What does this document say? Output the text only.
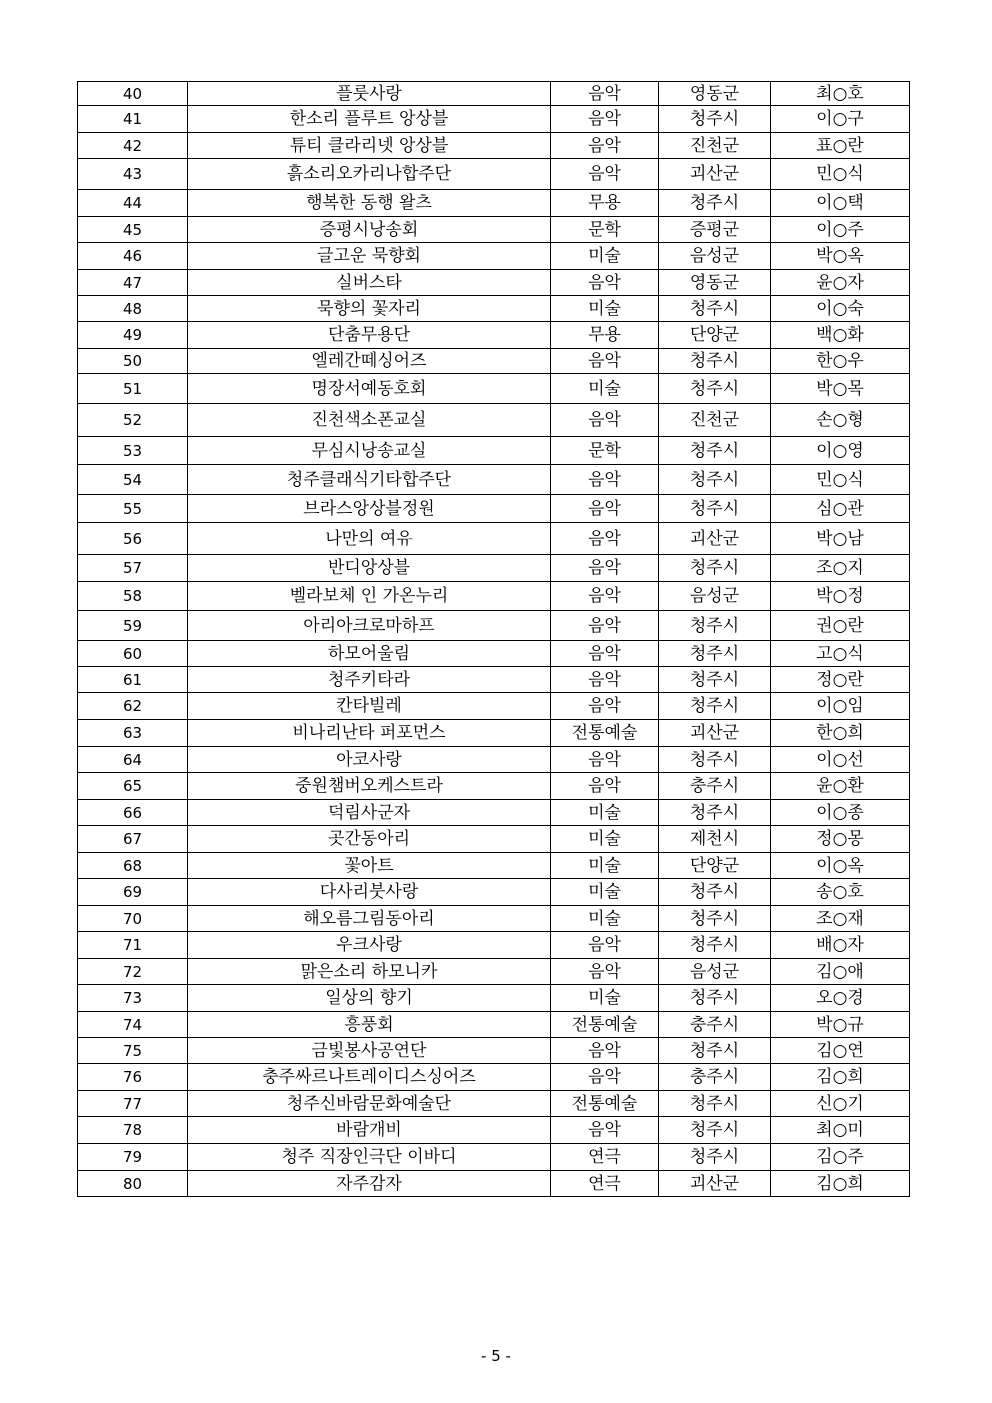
40	플룻사랑	음악	영동군	최○호
41	한소리 플루트 앙상블	음악	청주시	이○구
42	튜티 클라리넷 앙상블	음악	진천군	표○란
43	흙소리오카리나합주단	음악	괴산군	민○식
44	행복한 동행 왈츠	무용	청주시	이○택
45	증평시낭송회	문학	증평군	이○주
46	글고운 묵향회	미술	음성군	박○옥
47	실버스타	음악	영동군	윤○자
48	묵향의 꽃자리	미술	청주시	이○숙
49	단춤무용단	무용	단양군	백○화
50	엘레간떼싱어즈	음악	청주시	한○우
51	명장서예동호회	미술	청주시	박○목
52	진천색소폰교실	음악	진천군	손○형
53	무심시낭송교실	문학	청주시	이○영
54	청주클래식기타합주단	음악	청주시	민○식
55	브라스앙상블정원	음악	청주시	심○관
56	나만의 여유	음악	괴산군	박○남
57	반디앙상블	음악	청주시	조○지
58	벨라보체 인 가온누리	음악	음성군	박○정
59	아리아크로마하프	음악	청주시	권○란
60	하모어울림	음악	청주시	고○식
61	청주키타라	음악	청주시	정○란
62	칸타빌레	음악	청주시	이○임
63	비나리난타 퍼포먼스	전통예술	괴산군	한○희
64	아코사랑	음악	청주시	이○선
65	중원챔버오케스트라	음악	충주시	윤○환
66	덕림사군자	미술	청주시	이○종
67	곳간동아리	미술	제천시	정○몽
68	꽃아트	미술	단양군	이○옥
69	다사리붓사랑	미술	청주시	송○호
70	해오름그림동아리	미술	청주시	조○재
71	우크사랑	음악	청주시	배○자
72	맑은소리 하모니카	음악	음성군	김○애
73	일상의 향기	미술	청주시	오○경
74	흥풍회	전통예술	충주시	박○규
75	금빛봉사공연단	음악	청주시	김○연
76	충주싸르나트레이디스싱어즈	음악	충주시	김○희
77	청주신바람문화예술단	전통예술	청주시	신○기
78	바람개비	음악	청주시	최○미
79	청주 직장인극단 이바디	연극	청주시	김○주
80	자주감자	연극	괴산군	김○희
- 5 -
